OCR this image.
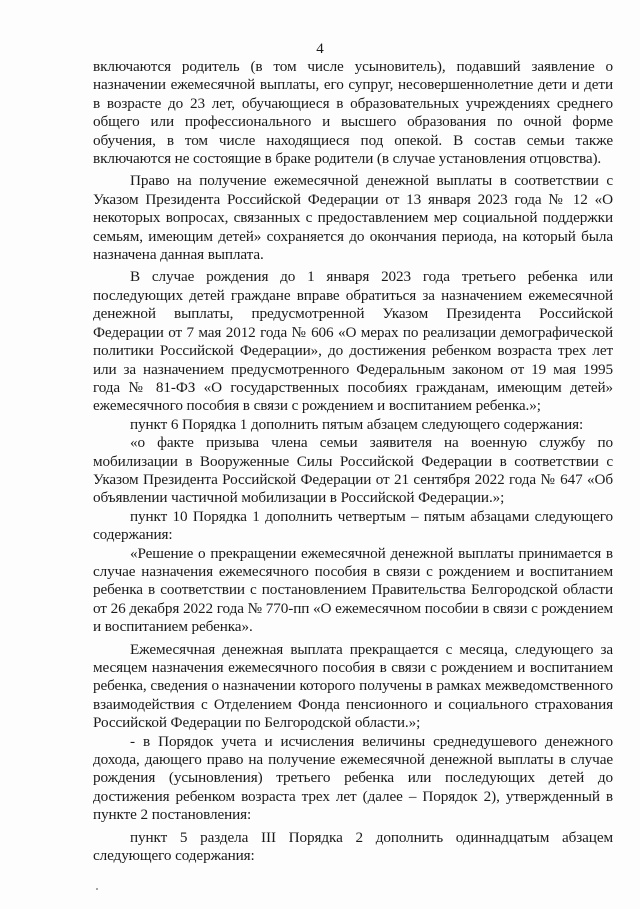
4

включаются родитель (в том числе усыновитель), подавший заявление о назначении ежемесячной выплаты, его супруг, несовершеннолетние дети и дети в возрасте до 23 лет, обучающиеся в образовательных учреждениях среднего общего или профессионального и высшего образования по очной форме обучения, в том числе находящиеся под опекой. В состав семьи также включаются не состоящие в браке родители (в случае установления отцовства).

Право на получение ежемесячной денежной выплаты в соответствии с Указом Президента Российской Федерации от 13 января 2023 года № 12 «О некоторых вопросах, связанных с предоставлением мер социальной поддержки семьям, имеющим детей» сохраняется до окончания периода, на который была назначена данная выплата.

В случае рождения до 1 января 2023 года третьего ребенка или последующих детей граждане вправе обратиться за назначением ежемесячной денежной выплаты, предусмотренной Указом Президента Российской Федерации от 7 мая 2012 года № 606 «О мерах по реализации демографической политики Российской Федерации», до достижения ребенком возраста трех лет или за назначением предусмотренного Федеральным законом от 19 мая 1995 года № 81-ФЗ «О государственных пособиях гражданам, имеющим детей» ежемесячного пособия в связи с рождением и воспитанием ребенка.»;

пункт 6 Порядка 1 дополнить пятым абзацем следующего содержания:

«о факте призыва члена семьи заявителя на военную службу по мобилизации в Вооруженные Силы Российской Федерации в соответствии с Указом Президента Российской Федерации от 21 сентября 2022 года № 647 «Об объявлении частичной мобилизации в Российской Федерации.»;

пункт 10 Порядка 1 дополнить четвертым – пятым абзацами следующего содержания:

«Решение о прекращении ежемесячной денежной выплаты принимается в случае назначения ежемесячного пособия в связи с рождением и воспитанием ребенка в соответствии с постановлением Правительства Белгородской области от 26 декабря 2022 года № 770-пп «О ежемесячном пособии в связи с рождением и воспитанием ребенка».

Ежемесячная денежная выплата прекращается с месяца, следующего за месяцем назначения ежемесячного пособия в связи с рождением и воспитанием ребенка, сведения о назначении которого получены в рамках межведомственного взаимодействия с Отделением Фонда пенсионного и социального страхования Российской Федерации по Белгородской области.»;

- в Порядок учета и исчисления величины среднедушевого денежного дохода, дающего право на получение ежемесячной денежной выплаты в случае рождения (усыновления) третьего ребенка или последующих детей до достижения ребенком возраста трех лет (далее – Порядок 2), утвержденный в пункте 2 постановления:

пункт 5 раздела III Порядка 2 дополнить одиннадцатым абзацем следующего содержания:
